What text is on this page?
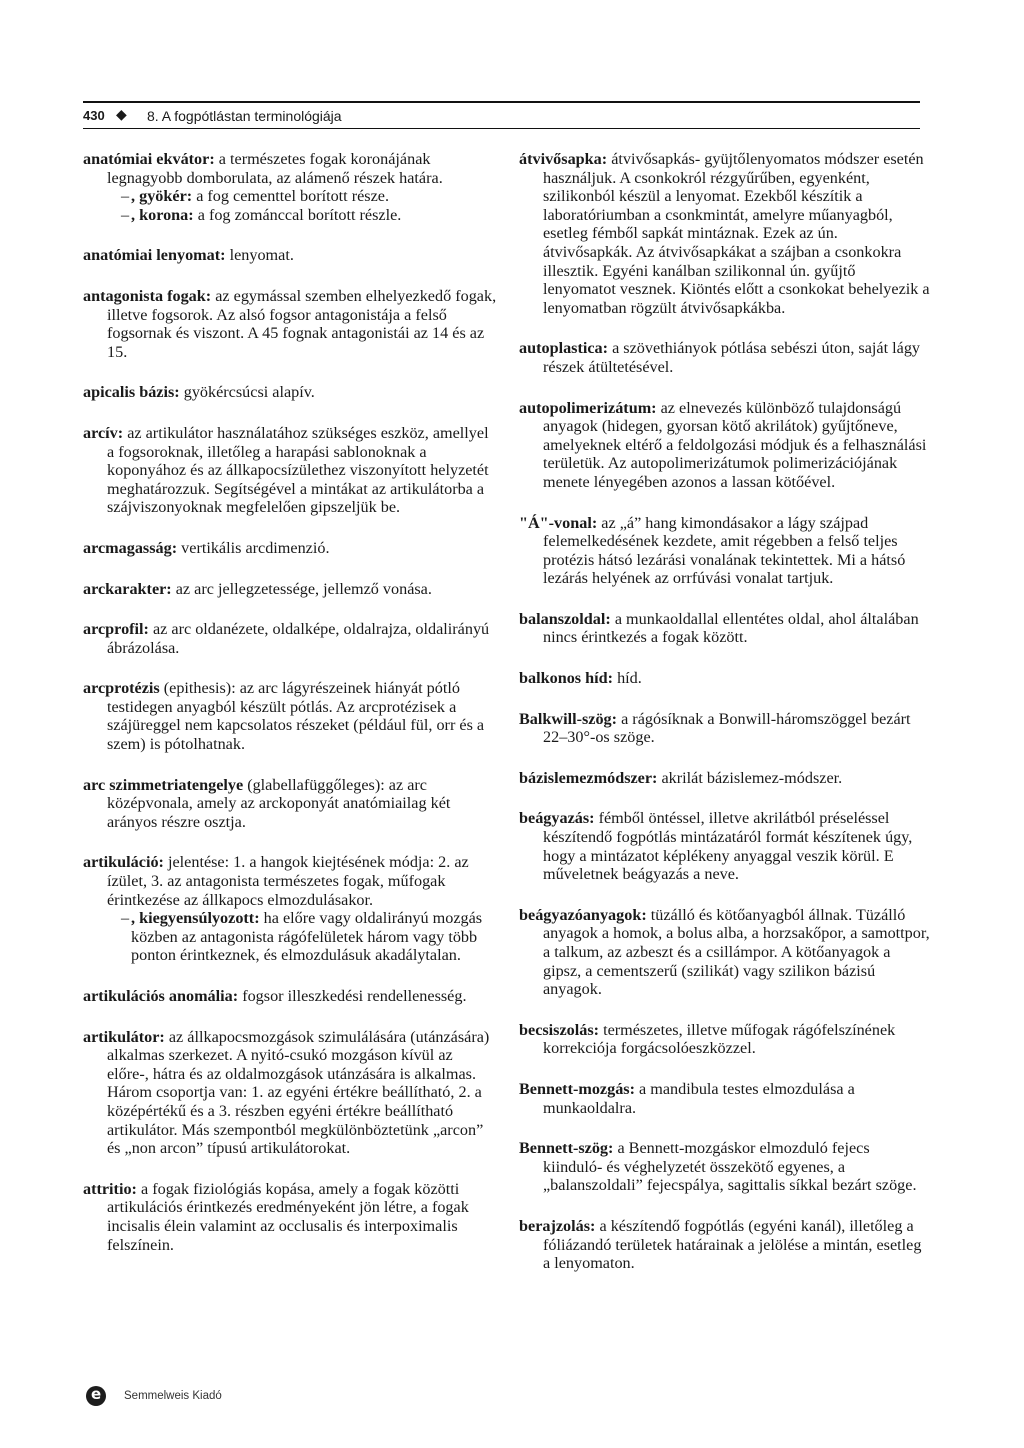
430 ◆ 8. A fogpótlástan terminológiája
anatómiai ekvátor: a természetes fogak koronájának legnagyobb domborulata, az alámenő részek határa.
– , gyökér: a fog cementtel borított része.
– , korona: a fog zománccal borított részle.
anatómiai lenyomat: lenyomat.
antagonista fogak: az egymással szemben elhelyezkedő fogak, illetve fogsorok. Az alsó fogsor antagonistája a felső fogsornak és viszont. A 45 fognak antagonistái az 14 és az 15.
apicalis bázis: gyökércsúcsi alapív.
arcív: az artikulátor használatához szükséges eszköz, amellyel a fogsoroknak, illetőleg a harapási sablonoknak a koponyához és az állkapocsízülethez viszonyított helyzetét meghatározzuk. Segítségével a mintákat az artikulátorba a szájviszonyoknak megfelelően gipszeljük be.
arcmagasság: vertikális arcdimenzió.
arckarakter: az arc jellegzetessége, jellemző vonása.
arcprofil: az arc oldanézete, oldalképe, oldalrajza, oldalirányú ábrázolása.
arcprotézis (epithesis): az arc lágyrészeinek hiányát pótló testidegen anyagból készült pótlás. Az arcprotézisek a szájüreggel nem kapcsolatos részeket (például fül, orr és a szem) is pótolhatnak.
arc szimmetriatengelye (glabellafüggőleges): az arc középvonala, amely az arckoponyát anatómiailag két arányos részre osztja.
artikuláció: jelentése: 1. a hangok kiejtésének módja: 2. az ízület, 3. az antagonista természetes fogak, műfogak érintkezése az állkapocs elmozdulásakor.
– , kiegyensúlyozott: ha előre vagy oldalirányú mozgás közben az antagonista rágófelületek három vagy több ponton érintkeznek, és elmozdulásuk akadálytalan.
artikulációs anomália: fogsor illeszkedési rendellenesség.
artikulátor: az állkapocsmozgások szimulálására (utánzására) alkalmas szerkezet. A nyitó-csukó mozgáson kívül az előre-, hátra és az oldalmozgások utánzására is alkalmas. Három csoportja van: 1. az egyéni értékre beállítható, 2. a középértékű és a 3. részben egyéni értékre beállítható artikulátor. Más szempontból megkülönböztetünk „arcon” és „non arcon” típusú artikulátorokat.
attritio: a fogak fiziológiás kopása, amely a fogak közötti artikulációs érintkezés eredményeként jön létre, a fogak incisalis élein valamint az occlusalis és interpoximalis felszínein.
átvivősapka: átvivősapkás- gyüjtőlenyomatos módszer esetén használjuk. A csonkokról rézgyűrűben, egyenként, szilikonból készül a lenyomat. Ezekből készítik a laboratóriumban a csonkmintát, amelyre műanyagból, esetleg fémből sapkát mintáznak. Ezek az ún. átvivősapkák. Az átvivősapkákat a szájban a csonkokra illesztik. Egyéni kanálban szilikonnal ún. gyűjtő lenyomatot vesznek. Kiöntés előtt a csonkokat behelyezik a lenyomatban rögzült átvivősapkákba.
autoplastica: a szövethiányok pótlása sebészi úton, saját lágy részek átültetésével.
autopolimerizátum: az elnevezés különböző tulajdonságú anyagok (hidegen, gyorsan kötő akrilátok) gyűjtőneve, amelyeknek eltérő a feldolgozási módjuk és a felhasználási területük. Az autopolimerizátumok polimerizációjának menete lényegében azonos a lassan kötőével.
"Á"-vonal: az „á” hang kimondásakor a lágy szájpad felemelkedésének kezdete, amit régebben a felső teljes protézis hátsó lezárási vonalának tekintettek. Mi a hátsó lezárás helyének az orrfúvási vonalat tartjuk.
balanszoldal: a munkaoldallal ellentétes oldal, ahol általában nincs érintkezés a fogak között.
balkonos híd: híd.
Balkwill-szög: a rágósíknak a Bonwill-háromszöggel bezárt 22–30°-os szöge.
bázislemezmódszer: akrilát bázislemez-módszer.
beágyazás: fémből öntéssel, illetve akrilátból préseléssel készítendő fogpótlás mintázatáról formát készítenek úgy, hogy a mintázatot képlékeny anyaggal veszik körül. E műveletnek beágyazás a neve.
beágyazóanyagok: tüzálló és kötőanyagból állnak. Tüzálló anyagok a homok, a bolus alba, a horzsakőpor, a samottpor, a talkum, az azbeszt és a csillámpor. A kötőanyagok a gipsz, a cementszerű (szilikát) vagy szilikon bázisú anyagok.
becsiszolás: természetes, illetve műfogak rágófelszínének korrekciója forgácsolóeszközzel.
Bennett-mozgás: a mandibula testes elmozdulása a munkaoldalra.
Bennett-szög: a Bennett-mozgáskor elmozduló fejecs kiinduló- és véghelyzetét összekötő egyenes, a „balanszoldali” fejecspálya, sagittalis síkkal bezárt szöge.
berajzolás: a készítendő fogpótlás (egyéni kanál), illetőleg a fóliázandó területek határainak a jelölése a mintán, esetleg a lenyomaton.
e
Semmelweis Kiadó
